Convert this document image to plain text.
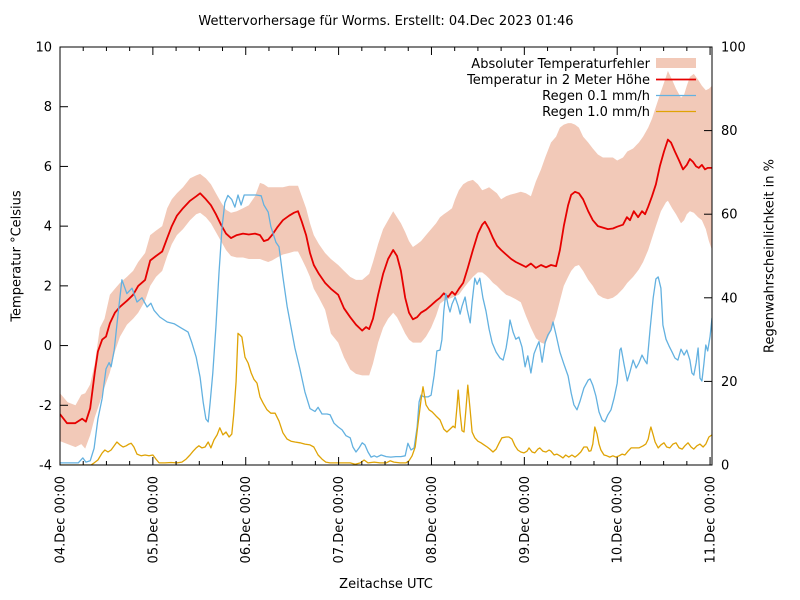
-4
-2
0
2
4
6
8
10
0
20
40
60
80
100
04.Dec 00:00	05.Dec 00:00	06.Dec 00:00	07.Dec 00:00	08.Dec 00:00	09.Dec 00:00	10.Dec 00:00	11.Dec 00:00
Absoluter Temperaturfehler
Temperatur in 2 Meter Höhe
Regen 0.1 mm/h
Regen 1.0 mm/h
Wettervorhersage für Worms. Erstellt: 04.Dec 2023 01:46
Zeitachse UTC
Temperatur °Celsius	Regenwahrscheinlichkeit in %
